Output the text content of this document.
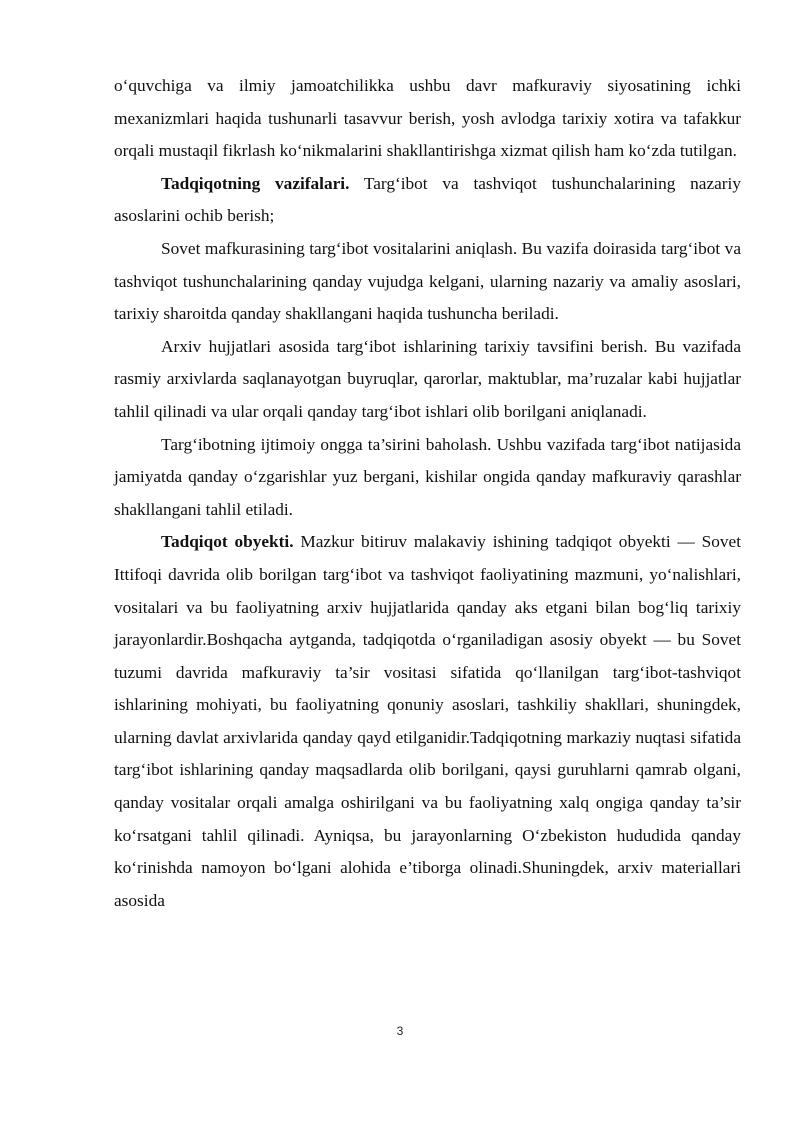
o‘quvchiga va ilmiy jamoatchilikka ushbu davr mafkuraviy siyosatining ichki mexanizmlari haqida tushunarli tasavvur berish, yosh avlodga tarixiy xotira va tafakkur orqali mustaqil fikrlash ko‘nikmalarini shakllantirishga xizmat qilish ham ko‘zda tutilgan.

Tadqiqotning vazifalari. Targ‘ibot va tashviqot tushunchalarining nazariy asoslarini ochib berish;

Sovet mafkurasining targ‘ibot vositalarini aniqlash. Bu vazifa doirasida targ‘ibot va tashviqot tushunchalarining qanday vujudga kelgani, ularning nazariy va amaliy asoslari, tarixiy sharoitda qanday shakllangani haqida tushuncha beriladi.

Arxiv hujjatlari asosida targ‘ibot ishlarining tarixiy tavsifini berish. Bu vazifada rasmiy arxivlarda saqlanayotgan buyruqlar, qarorlar, maktublar, ma’ruzalar kabi hujjatlar tahlil qilinadi va ular orqali qanday targ‘ibot ishlari olib borilgani aniqlanadi.

Targ‘ibotning ijtimoiy ongga ta’sirini baholash. Ushbu vazifada targ‘ibot natijasida jamiyatda qanday o‘zgarishlar yuz bergani, kishilar ongida qanday mafkuraviy qarashlar shakllangani tahlil etiladi.

Tadqiqot obyekti. Mazkur bitiruv malakaviy ishining tadqiqot obyekti — Sovet Ittifoqi davrida olib borilgan targ‘ibot va tashviqot faoliyatining mazmuni, yo‘nalishlari, vositalari va bu faoliyatning arxiv hujjatlarida qanday aks etgani bilan bog‘liq tarixiy jarayonlardir.Boshqacha aytganda, tadqiqotda o‘rganiladigan asosiy obyekt — bu Sovet tuzumi davrida mafkuraviy ta’sir vositasi sifatida qo‘llanilgan targ‘ibot-tashviqot ishlarining mohiyati, bu faoliyatning qonuniy asoslari, tashkiliy shakllari, shuningdek, ularning davlat arxivlarida qanday qayd etilganidir.Tadqiqotning markaziy nuqtasi sifatida targ‘ibot ishlarining qanday maqsadlarda olib borilgani, qaysi guruhlarni qamrab olgani, qanday vositalar orqali amalga oshirilgani va bu faoliyatning xalq ongiga qanday ta’sir ko‘rsatgani tahlil qilinadi. Ayniqsa, bu jarayonlarning O‘zbekiston hududida qanday ko‘rinishda namoyon bo‘lgani alohida e’tiborga olinadi.Shuningdek, arxiv materiallari asosida

3
